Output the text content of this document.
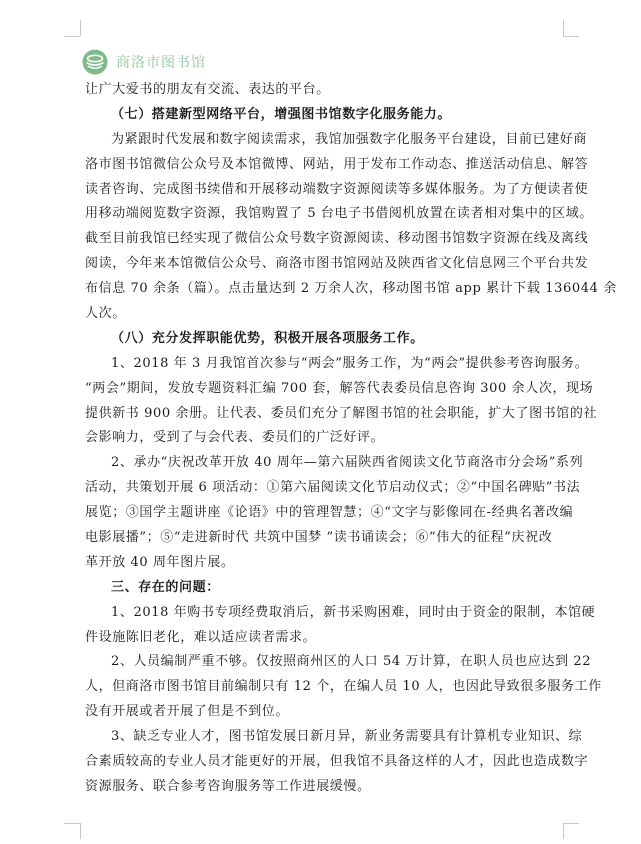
商洛市图书馆
让广大爱书的朋友有交流、表达的平台。
（七）搭建新型网络平台，增强图书馆数字化服务能力。
为紧跟时代发展和数字阅读需求，我馆加强数字化服务平台建设，目前已建好商
洛市图书馆微信公众号及本馆微博、网站，用于发布工作动态、推送活动信息、解答
读者咨询、完成图书续借和开展移动端数字资源阅读等多媒体服务。为了方便读者使
用移动端阅览数字资源，我馆购置了 5 台电子书借阅机放置在读者相对集中的区域。
截至目前我馆已经实现了微信公众号数字资源阅读、移动图书馆数字资源在线及离线
阅读，今年来本馆微信公众号、商洛市图书馆网站及陕西省文化信息网三个平台共发
布信息 70 余条（篇）。点击量达到 2 万余人次，移动图书馆 app 累计下载 136044 余
人次。
（八）充分发挥职能优势，积极开展各项服务工作。
1、2018 年 3 月我馆首次参与“两会”服务工作，为“两会”提供参考咨询服务。
“两会”期间，发放专题资料汇编 700 套，解答代表委员信息咨询 300 余人次，现场
提供新书 900 余册。让代表、委员们充分了解图书馆的社会职能，扩大了图书馆的社
会影响力，受到了与会代表、委员们的广泛好评。
2、承办“庆祝改革开放 40 周年—第六届陕西省阅读文化节商洛市分会场”系列
活动，共策划开展 6 项活动：①第六届阅读文化节启动仪式；②“中国名碑贴”书法
展览；③国学主题讲座《论语》中的管理智慧；④“文字与影像同在-经典名著改编
电影展播”；⑤“走进新时代 共筑中国梦 ”读书诵读会；⑥“伟大的征程”庆祝改
革开放 40 周年图片展。
三、存在的问题：
1、2018 年购书专项经费取消后，新书采购困难，同时由于资金的限制，本馆硬
件设施陈旧老化，难以适应读者需求。
2、人员编制严重不够。仅按照商州区的人口 54 万计算，在职人员也应达到 22
人，但商洛市图书馆目前编制只有 12 个，在编人员 10 人，也因此导致很多服务工作
没有开展或者开展了但是不到位。
3、缺乏专业人才，图书馆发展日新月异，新业务需要具有计算机专业知识、综
合素质较高的专业人员才能更好的开展，但我馆不具备这样的人才，因此也造成数字
资源服务、联合参考咨询服务等工作进展缓慢。
